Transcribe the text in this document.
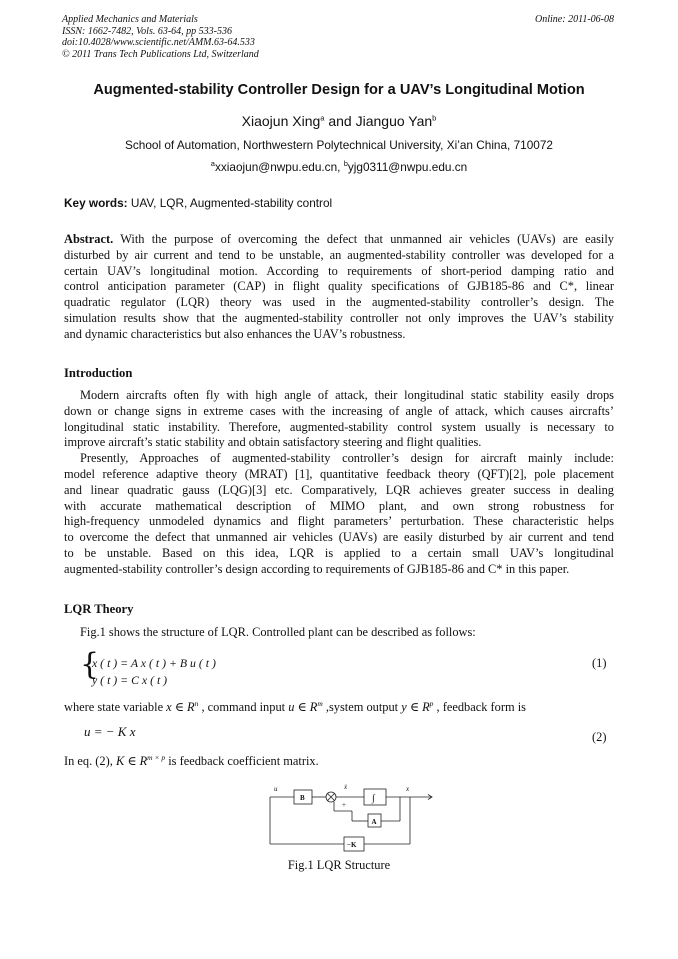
Applied Mechanics and Materials
ISSN: 1662-7482, Vols. 63-64, pp 533-536
doi:10.4028/www.scientific.net/AMM.63-64.533
© 2011 Trans Tech Publications Ltd, Switzerland
Online: 2011-06-08
Augmented-stability Controller Design for a UAV’s Longitudinal Motion
Xiaojun Xing$^a$ and Jianguo Yan$^b$
School of Automation, Northwestern Polytechnical University, Xi’an China, 710072
$^a$xxiaojun@nwpu.edu.cn, $^b$yjg0311@nwpu.edu.cn
Key words: UAV, LQR, Augmented-stability control
Abstract. With the purpose of overcoming the defect that unmanned air vehicles (UAVs) are easily
disturbed by air current and tend to be unstable, an augmented-stability controller was developed for a
certain UAV’s longitudinal motion. According to requirements of short-period damping ratio and
control anticipation parameter (CAP) in flight quality specifications of GJB185-86 and C*, linear
quadratic regulator (LQR) theory was used in the augmented-stability controller’s design. The
simulation results show that the augmented-stability controller not only improves the UAV’s stability
and dynamic characteristics but also enhances the UAV’s robustness.
Introduction
Modern aircrafts often fly with high angle of attack, their longitudinal static stability easily drops
down or change signs in extreme cases with the increasing of angle of attack, which causes aircrafts’
longitudinal static instability. Therefore, augmented-stability control system usually is necessary to
improve aircraft’s static stability and obtain satisfactory steering and flight qualities.
Presently, Approaches of augmented-stability controller’s design for aircraft mainly include:
model reference adaptive theory (MRAT) [1], quantitative feedback theory (QFT)[2], pole placement
and linear quadratic gauss (LQG)[3] etc. Comparatively, LQR achieves greater success in dealing
with accurate mathematical description of MIMO plant, and own strong robustness for
high-frequency unmodeled dynamics and flight parameters’ perturbation. These characteristic helps
to overcome the defect that unmanned air vehicles (UAVs) are easily disturbed by air current and tend
to be unstable. Based on this idea, LQR is applied to a certain small UAV’s longitudinal
augmented-stability controller’s design according to requirements of GJB185-86 and C* in this paper.
LQR Theory
Fig.1 shows the structure of LQR. Controlled plant can be described as follows:
{
x ( t ) = A x ( t ) + B u ( t )
y ( t ) = C x ( t )
(1)
where state variable x ∈ $R^n$ , command input u ∈ $R^m$ ,system output y ∈ $R^p$ , feedback form is
u = − K x	(2)
In eq. (2), K ∈ $R^{m \times p}$ is feedback coefficient matrix.
u
B
ẋ
∫
x
A
−K
+
Fig.1 LQR Structure
